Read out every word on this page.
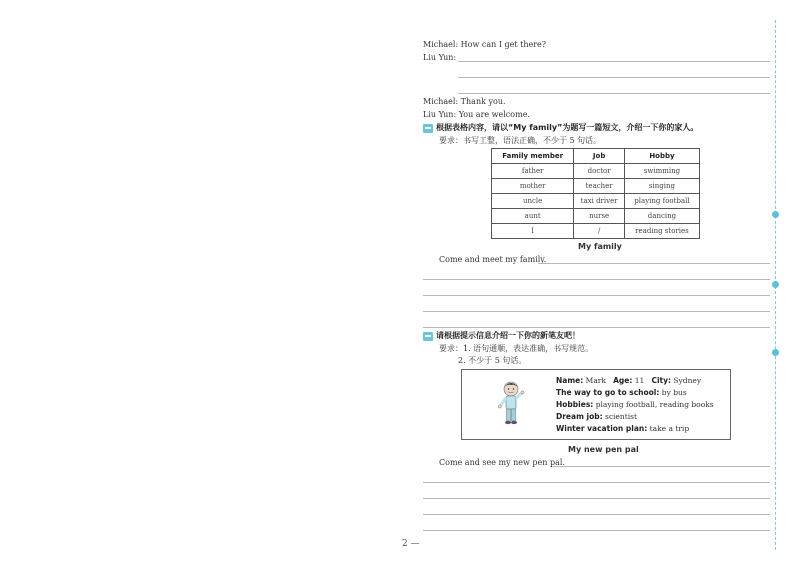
Michael: How can I get there?
Liu Yun:
Michael: Thank you.
Liu Yun: You are welcome.
根据表格内容，请以“My family”为题写一篇短文，介绍一下你的家人。
要求：书写工整，语法正确，不少于 5 句话。
Family member	Job	Hobby
father	doctor	swimming
mother	teacher	singing
uncle	taxi driver	playing football
aunt	nurse	dancing
I	/	reading stories
My family
Come and meet my family.
请根据提示信息介绍一下你的新笔友吧！
要求：1. 语句通顺，表达准确，书写规范。
2. 不少于 5 句话。
Name: Mark Age: 11 City: Sydney
The way to go to school: by bus
Hobbies: playing football, reading books
Dream job: scientist
Winter vacation plan: take a trip
My new pen pal
Come and see my new pen pal.
2 —
